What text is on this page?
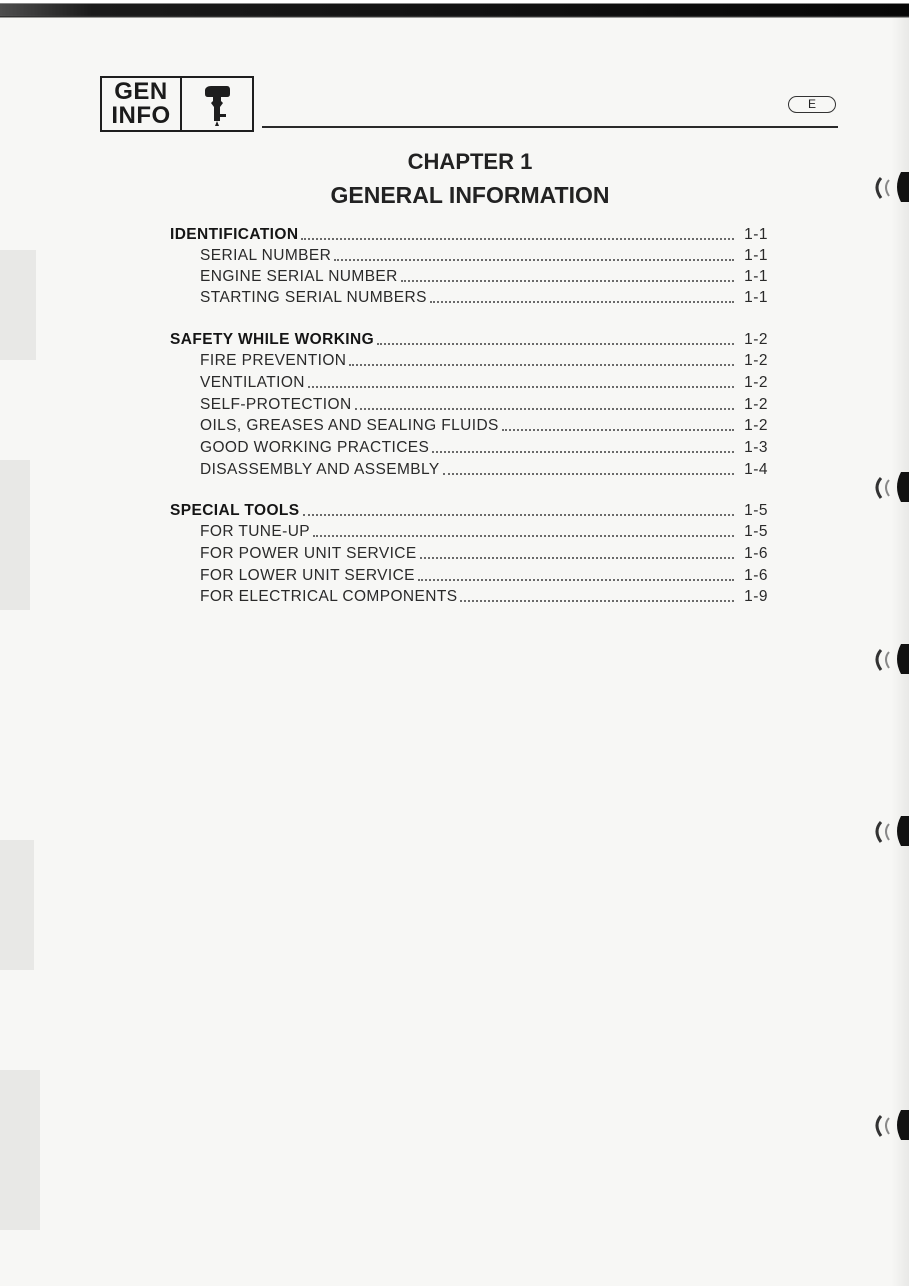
GEN
INFO	E
CHAPTER 1
GENERAL INFORMATION
IDENTIFICATION	1-1
SERIAL NUMBER	1-1
ENGINE SERIAL NUMBER	1-1
STARTING SERIAL NUMBERS	1-1
SAFETY WHILE WORKING	1-2
FIRE PREVENTION	1-2
VENTILATION	1-2
SELF-PROTECTION	1-2
OILS, GREASES AND SEALING FLUIDS	1-2
GOOD WORKING PRACTICES	1-3
DISASSEMBLY AND ASSEMBLY	1-4
SPECIAL TOOLS	1-5
FOR TUNE-UP	1-5
FOR POWER UNIT SERVICE	1-6
FOR LOWER UNIT SERVICE	1-6
FOR ELECTRICAL COMPONENTS	1-9
